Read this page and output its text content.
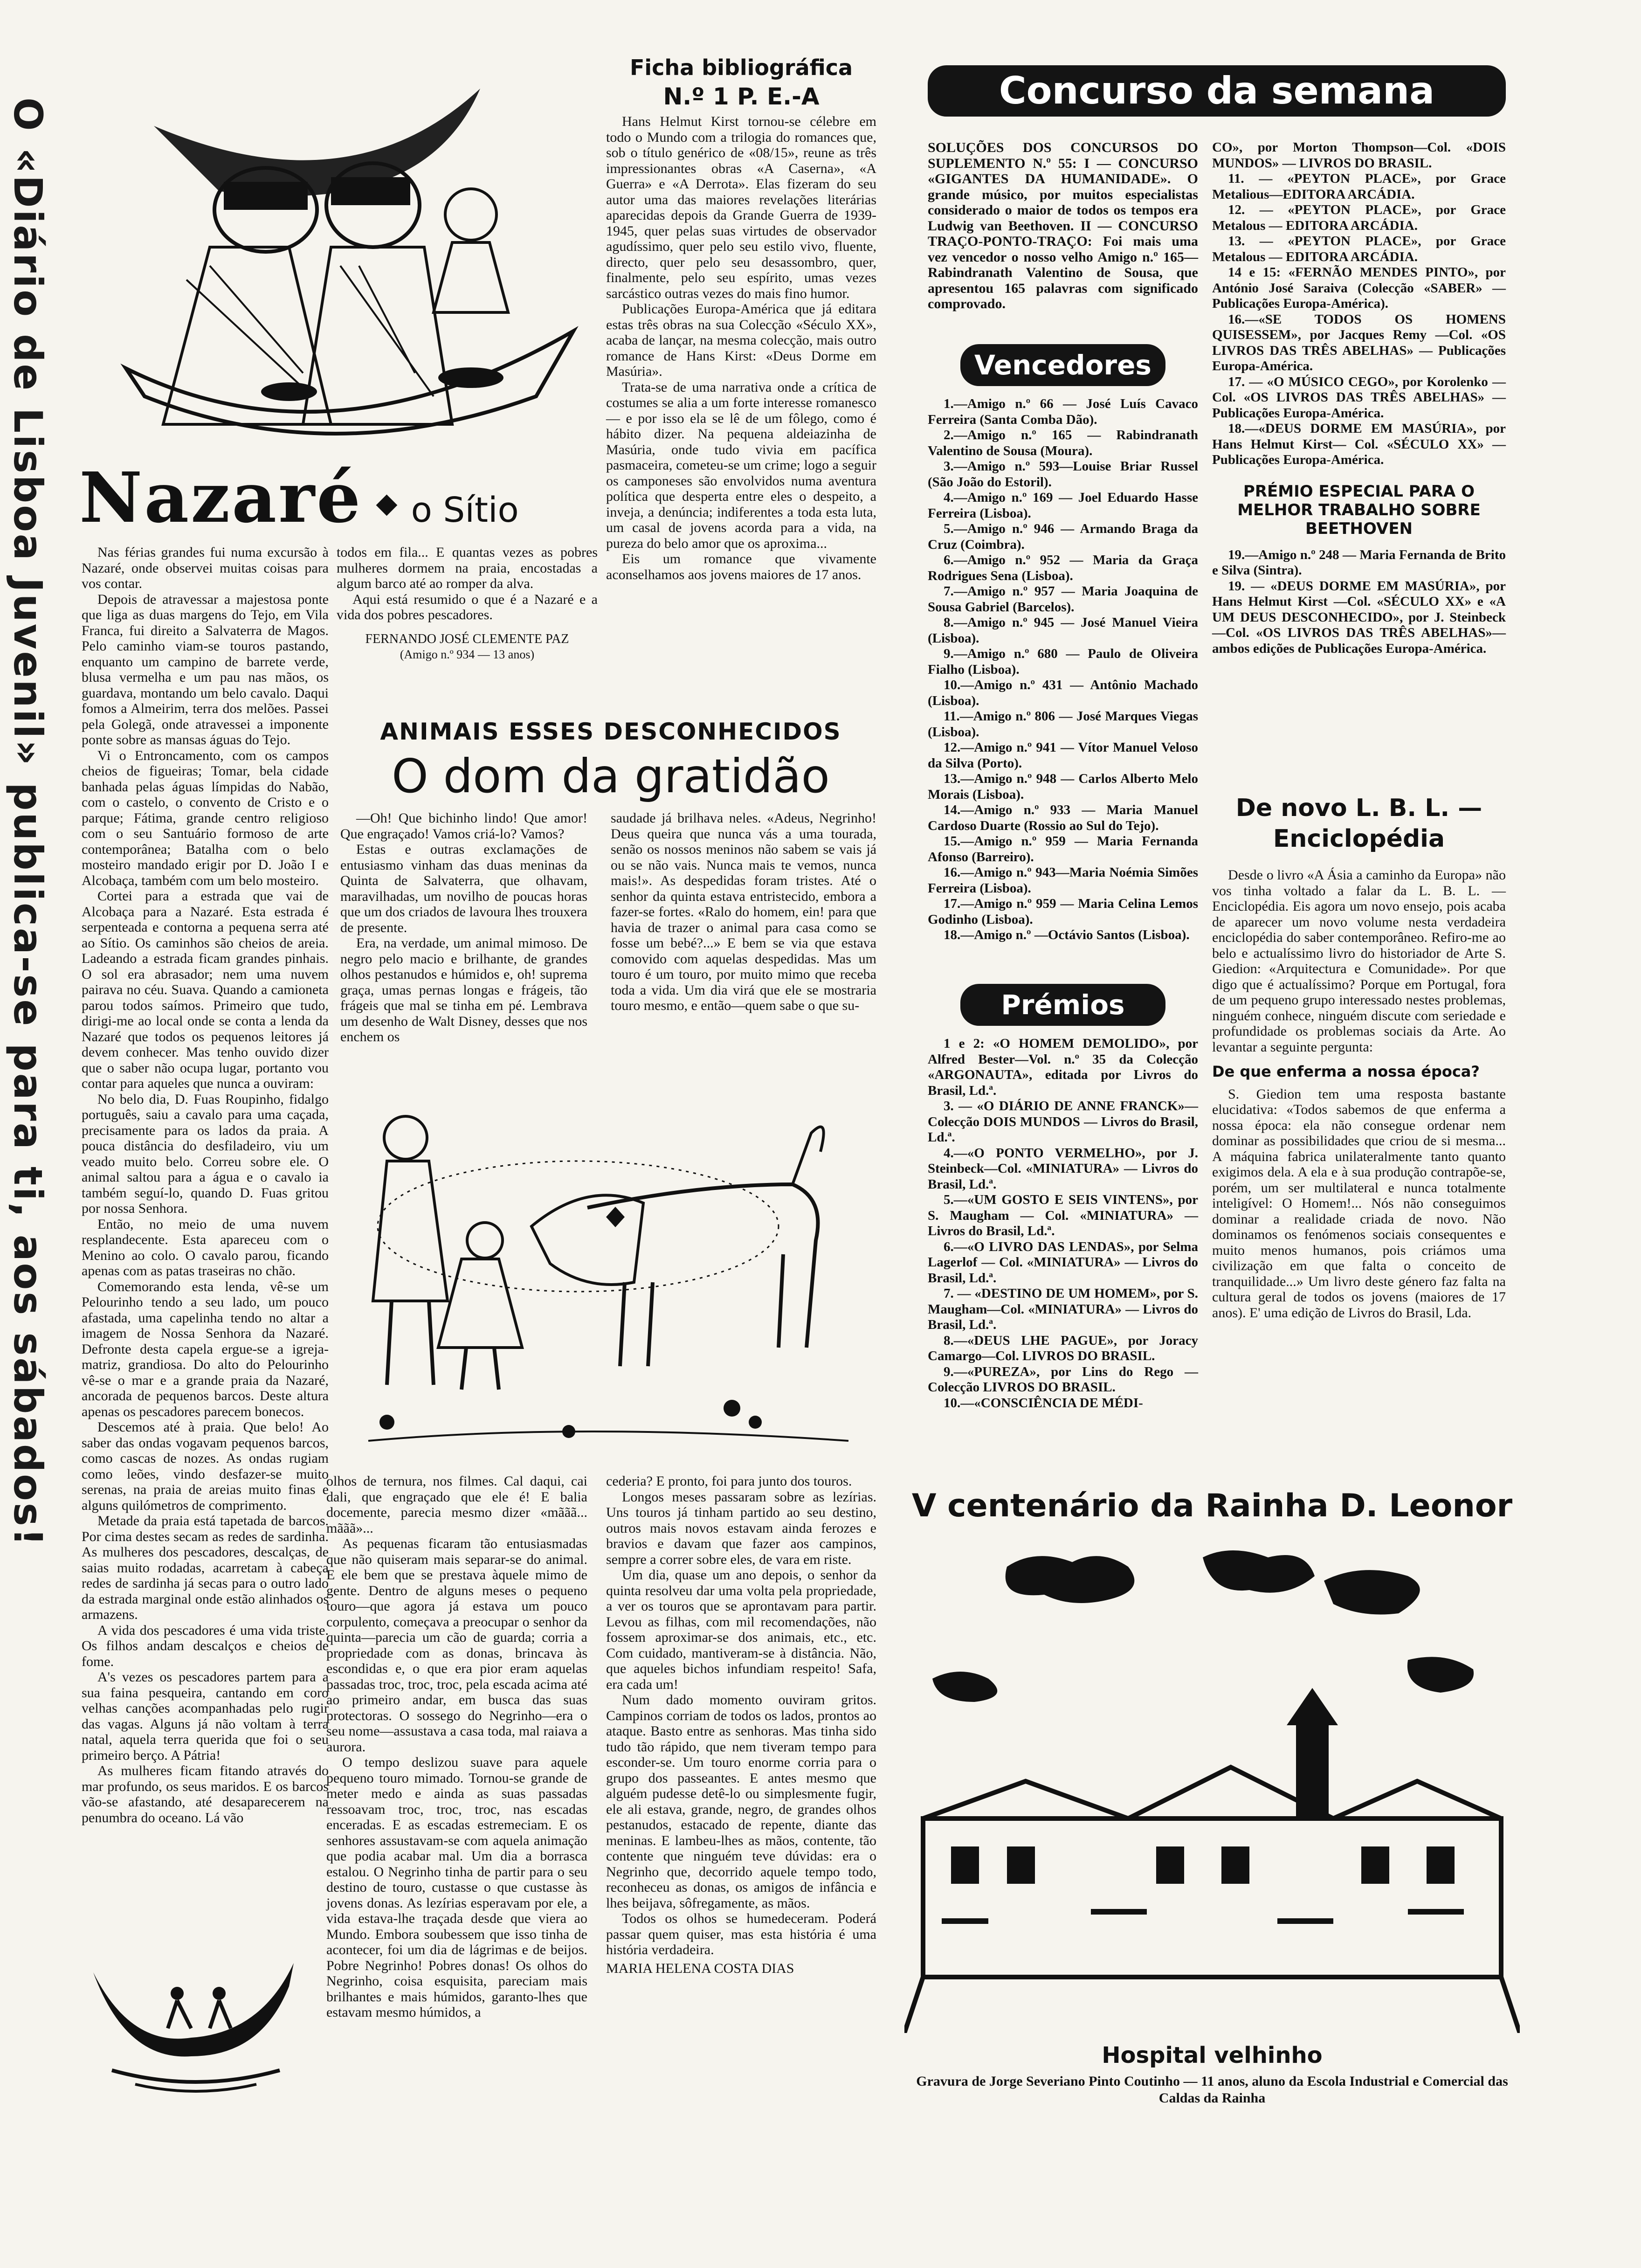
O «Diário de Lisboa Juvenil» publica-se para ti, aos sábados! Nazaré ◆ o Sítio

Nas férias grandes fui numa excursão à Nazaré, onde observei muitas coisas para vos contar.

Depois de atravessar a majestosa ponte que liga as duas margens do Tejo, em Vila Franca, fui direito a Salvaterra de Magos. Pelo caminho viam-se touros pastando, enquanto um campino de barrete verde, blusa vermelha e um pau nas mãos, os guardava, montando um belo cavalo. Daqui fomos a Almeirim, terra dos melões. Passei pela Golegã, onde atravessei a imponente ponte sobre as mansas águas do Tejo.

Vi o Entroncamento, com os campos cheios de figueiras; Tomar, bela cidade banhada pelas águas límpidas do Nabão, com o castelo, o convento de Cristo e o parque; Fátima, grande centro religioso com o seu Santuário formoso de arte contemporânea; Batalha com o belo mosteiro mandado erigir por D. João I e Alcobaça, também com um belo mosteiro.

Cortei para a estrada que vai de Alcobaça para a Nazaré. Esta estrada é serpenteada e contorna a pequena serra até ao Sítio. Os caminhos são cheios de areia. Ladeando a estrada ficam grandes pinhais. O sol era abrasador; nem uma nuvem pairava no céu. Suava. Quando a camioneta parou todos saímos. Primeiro que tudo, dirigi-me ao local onde se conta a lenda da Nazaré que todos os pequenos leitores já devem conhecer. Mas tenho ouvido dizer que o saber não ocupa lugar, portanto vou contar para aqueles que nunca a ouviram:

No belo dia, D. Fuas Roupinho, fidalgo português, saiu a cavalo para uma caçada, precisamente para os lados da praia. A pouca distância do desfiladeiro, viu um veado muito belo. Correu sobre ele. O animal saltou para a água e o cavalo ia também seguí-lo, quando D. Fuas gritou por nossa Senhora.

Então, no meio de uma nuvem resplandecente. Esta apareceu com o Menino ao colo. O cavalo parou, ficando apenas com as patas traseiras no chão.

Comemorando esta lenda, vê-se um Pelourinho tendo a seu lado, um pouco afastada, uma capelinha tendo no altar a imagem de Nossa Senhora da Nazaré. Defronte desta capela ergue-se a igreja-matriz, grandiosa. Do alto do Pelourinho vê-se o mar e a grande praia da Nazaré, ancorada de pequenos barcos. Deste altura apenas os pescadores parecem bonecos.

Descemos até à praia. Que belo! Ao saber das ondas vogavam pequenos barcos, como cascas de nozes. As ondas rugiam como leões, vindo desfazer-se muito serenas, na praia de areias muito finas e alguns quilómetros de comprimento.

Metade da praia está tapetada de barcos. Por cima destes secam as redes de sardinha. As mulheres dos pescadores, descalças, de saias muito rodadas, acarretam à cabeça redes de sardinha já secas para o outro lado da estrada marginal onde estão alinhados os armazens.

A vida dos pescadores é uma vida triste. Os filhos andam descalços e cheios de fome.

A's vezes os pescadores partem para a sua faina pesqueira, cantando em coro velhas canções acompanhadas pelo rugir das vagas. Alguns já não voltam à terra natal, aquela terra querida que foi o seu primeiro berço. A Pátria!

As mulheres ficam fitando através do mar profundo, os seus maridos. E os barcos vão-se afastando, até desaparecerem na penumbra do oceano. Lá vão

todos em fila... E quantas vezes as pobres mulheres dormem na praia, encostadas a algum barco até ao romper da alva.

Aqui está resumido o que é a Nazaré e a vida dos pobres pescadores.

FERNANDO JOSÉ CLEMENTE PAZ

(Amigo n.º 934 — 13 anos)

Ficha bibliográfica
N.º 1 P. E.-A

Hans Helmut Kirst tornou-se célebre em todo o Mundo com a trilogia do romances que, sob o título genérico de «08/15», reune as três impressionantes obras «A Caserna», «A Guerra» e «A Derrota». Elas fizeram do seu autor uma das maiores revelações literárias aparecidas depois da Grande Guerra de 1939-1945, quer pelas suas virtudes de observador agudíssimo, quer pelo seu estilo vivo, fluente, directo, quer pelo seu desassombro, quer, finalmente, pelo seu espírito, umas vezes sarcástico outras vezes do mais fino humor.

Publicações Europa-América que já editara estas três obras na sua Colecção «Século XX», acaba de lançar, na mesma colecção, mais outro romance de Hans Kirst: «Deus Dorme em Masúria».

Trata-se de uma narrativa onde a crítica de costumes se alia a um forte interesse romanesco — e por isso ela se lê de um fôlego, como é hábito dizer. Na pequena aldeiazinha de Masúria, onde tudo vivia em pacífica pasmaceira, cometeu-se um crime; logo a seguir os camponeses são envolvidos numa aventura política que desperta entre eles o despeito, a inveja, a denúncia; indiferentes a toda esta luta, um casal de jovens acorda para a vida, na pureza do belo amor que os aproxima...

Eis um romance que vivamente aconselhamos aos jovens maiores de 17 anos.

ANIMAIS ESSES DESCONHECIDOS
O dom da gratidão

—Oh! Que bichinho lindo! Que amor! Que engraçado! Vamos criá-lo? Vamos?

Estas e outras exclamações de entusiasmo vinham das duas meninas da Quinta de Salvaterra, que olhavam, maravilhadas, um novilho de poucas horas que um dos criados de lavoura lhes trouxera de presente.

Era, na verdade, um animal mimoso. De negro pelo macio e brilhante, de grandes olhos pestanudos e húmidos e, oh! suprema graça, umas pernas longas e frágeis, tão frágeis que mal se tinha em pé. Lembrava um desenho de Walt Disney, desses que nos enchem os

saudade já brilhava neles. «Adeus, Negrinho! Deus queira que nunca vás a uma tourada, senão os nossos meninos não sabem se vais já ou se não vais. Nunca mais te vemos, nunca mais!». As despedidas foram tristes. Até o senhor da quinta estava entristecido, embora a fazer-se fortes. «Ralo do homem, ein! para que havia de trazer o animal para casa como se fosse um bebé?...» E bem se via que estava comovido com aquelas despedidas. Mas um touro é um touro, por muito mimo que receba toda a vida. Um dia virá que ele se mostraria touro mesmo, e então—quem sabe o que su-

olhos de ternura, nos filmes. Cal daqui, cai dali, que engraçado que ele é! E balia docemente, parecia mesmo dizer «mããã... mããã»...

As pequenas ficaram tão entusiasmadas que não quiseram mais separar-se do animal. E ele bem que se prestava àquele mimo de gente. Dentro de alguns meses o pequeno touro—que agora já estava um pouco corpulento, começava a preocupar o senhor da quinta—parecia um cão de guarda; corria a propriedade com as donas, brincava às escondidas e, o que era pior eram aquelas passadas troc, troc, troc, pela escada acima até ao primeiro andar, em busca das suas protectoras. O sossego do Negrinho—era o seu nome—assustava a casa toda, mal raiava a aurora.

O tempo deslizou suave para aquele pequeno touro mimado. Tornou-se grande de meter medo e ainda as suas passadas ressoavam troc, troc, troc, nas escadas enceradas. E as escadas estremeciam. E os senhores assustavam-se com aquela animação que podia acabar mal. Um dia a borrasca estalou. O Negrinho tinha de partir para o seu destino de touro, custasse o que custasse às jovens donas. As lezírias esperavam por ele, a vida estava-lhe traçada desde que viera ao Mundo. Embora soubessem que isso tinha de acontecer, foi um dia de lágrimas e de beijos. Pobre Negrinho! Pobres donas! Os olhos do Negrinho, coisa esquisita, pareciam mais brilhantes e mais húmidos, garanto-lhes que estavam mesmo húmidos, a

cederia? E pronto, foi para junto dos touros.

Longos meses passaram sobre as lezírias. Uns touros já tinham partido ao seu destino, outros mais novos estavam ainda ferozes e bravios e davam que fazer aos campinos, sempre a correr sobre eles, de vara em riste.

Um dia, quase um ano depois, o senhor da quinta resolveu dar uma volta pela propriedade, a ver os touros que se aprontavam para partir. Levou as filhas, com mil recomendações, não fossem aproximar-se dos animais, etc., etc. Com cuidado, mantiveram-se à distância. Não, que aqueles bichos infundiam respeito! Safa, era cada um!

Num dado momento ouviram gritos. Campinos corriam de todos os lados, prontos ao ataque. Basto entre as senhoras. Mas tinha sido tudo tão rápido, que nem tiveram tempo para esconder-se. Um touro enorme corria para o grupo dos passeantes. E antes mesmo que alguém pudesse detê-lo ou simplesmente fugir, ele ali estava, grande, negro, de grandes olhos pestanudos, estacado de repente, diante das meninas. E lambeu-lhes as mãos, contente, tão contente que ninguém teve dúvidas: era o Negrinho que, decorrido aquele tempo todo, reconheceu as donas, os amigos de infância e lhes beijava, sôfregamente, as mãos.

Todos os olhos se humedeceram. Poderá passar quem quiser, mas esta história é uma história verdadeira.

MARIA HELENA COSTA DIAS

Concurso da semana

SOLUÇÕES DOS CONCURSOS DO SUPLEMENTO N.º 55: I — CONCURSO «GIGANTES DA HUMANIDADE». O grande músico, por muitos especialistas considerado o maior de todos os tempos era Ludwig van Beethoven. II — CONCURSO TRAÇO-PONTO-TRAÇO: Foi mais uma vez vencedor o nosso velho Amigo n.º 165—Rabindranath Valentino de Sousa, que apresentou 165 palavras com significado comprovado.

Vencedores

1.—Amigo n.º 66 — José Luís Cavaco Ferreira (Santa Comba Dão).

2.—Amigo n.º 165 — Rabindranath Valentino de Sousa (Moura).

3.—Amigo n.º 593—Louise Briar Russel (São João do Estoril).

4.—Amigo n.º 169 — Joel Eduardo Hasse Ferreira (Lisboa).

5.—Amigo n.º 946 — Armando Braga da Cruz (Coimbra).

6.—Amigo n.º 952 — Maria da Graça Rodrigues Sena (Lisboa).

7.—Amigo n.º 957 — Maria Joaquina de Sousa Gabriel (Barcelos).

8.—Amigo n.º 945 — José Manuel Vieira (Lisboa).

9.—Amigo n.º 680 — Paulo de Oliveira Fialho (Lisboa).

10.—Amigo n.º 431 — Antônio Machado (Lisboa).

11.—Amigo n.º 806 — José Marques Viegas (Lisboa).

12.—Amigo n.º 941 — Vítor Manuel Veloso da Silva (Porto).

13.—Amigo n.º 948 — Carlos Alberto Melo Morais (Lisboa).

14.—Amigo n.º 933 — Maria Manuel Cardoso Duarte (Rossio ao Sul do Tejo).

15.—Amigo n.º 959 — Maria Fernanda Afonso (Barreiro).

16.—Amigo n.º 943—Maria Noémia Simões Ferreira (Lisboa).

17.—Amigo n.º 959 — Maria Celina Lemos Godinho (Lisboa).

18.—Amigo n.º —Octávio Santos (Lisboa).

Prémios

1 e 2: «O HOMEM DEMOLIDO», por Alfred Bester—Vol. n.º 35 da Colecção «ARGONAUTA», editada por Livros do Brasil, Ld.ª.

3. — «O DIÁRIO DE ANNE FRANCK»—Colecção DOIS MUNDOS — Livros do Brasil, Ld.ª.

4.—«O PONTO VERMELHO», por J. Steinbeck—Col. «MINIATURA» — Livros do Brasil, Ld.ª.

5.—«UM GOSTO E SEIS VINTENS», por S. Maugham — Col. «MINIATURA» — Livros do Brasil, Ld.ª.

6.—«O LIVRO DAS LENDAS», por Selma Lagerlof — Col. «MINIATURA» — Livros do Brasil, Ld.ª.

7. — «DESTINO DE UM HOMEM», por S. Maugham—Col. «MINIATURA» — Livros do Brasil, Ld.ª.

8.—«DEUS LHE PAGUE», por Joracy Camargo—Col. LIVROS DO BRASIL.

9.—«PUREZA», por Lins do Rego — Colecção LIVROS DO BRASIL.

10.—«CONSCIÊNCIA DE MÉDI-

CO», por Morton Thompson—Col. «DOIS MUNDOS» — LIVROS DO BRASIL.

11. — «PEYTON PLACE», por Grace Metalious—EDITORA ARCÁDIA.

12. — «PEYTON PLACE», por Grace Metalous — EDITORA ARCÁDIA.

13. — «PEYTON PLACE», por Grace Metalous — EDITORA ARCÁDIA.

14 e 15: «FERNÃO MENDES PINTO», por António José Saraiva (Colecção «SABER» — Publicações Europa-América).

16.—«SE TODOS OS HOMENS QUISESSEM», por Jacques Remy —Col. «OS LIVROS DAS TRÊS ABELHAS» — Publicações Europa-América.

17. — «O MÚSICO CEGO», por Korolenko — Col. «OS LIVROS DAS TRÊS ABELHAS» — Publicações Europa-América.

18.—«DEUS DORME EM MASÚRIA», por Hans Helmut Kirst— Col. «SÉCULO XX» — Publicações Europa-América.

PRÉMIO ESPECIAL PARA O MELHOR TRABALHO SOBRE BEETHOVEN

19.—Amigo n.º 248 — Maria Fernanda de Brito e Silva (Sintra).

19. — «DEUS DORME EM MASÚRIA», por Hans Helmut Kirst —Col. «SÉCULO XX» e «A UM DEUS DESCONHECIDO», por J. Steinbeck—Col. «OS LIVROS DAS TRÊS ABELHAS»—ambos edições de Publicações Europa-América.

De novo L. B. L. — Enciclopédia

Desde o livro «A Ásia a caminho da Europa» não vos tinha voltado a falar da L. B. L. — Enciclopédia. Eis agora um novo ensejo, pois acaba de aparecer um novo volume nesta verdadeira enciclopédia do saber contemporâneo. Refiro-me ao belo e actualíssimo livro do historiador de Arte S. Giedion: «Arquitectura e Comunidade». Por que digo que é actualíssimo? Porque em Portugal, fora de um pequeno grupo interessado nestes problemas, ninguém conhece, ninguém discute com seriedade e profundidade os problemas sociais da Arte. Ao levantar a seguinte pergunta:

De que enferma a nossa época?

S. Giedion tem uma resposta bastante elucidativa: «Todos sabemos de que enferma a nossa época: ela não consegue ordenar nem dominar as possibilidades que criou de si mesma... A máquina fabrica unilateralmente tanto quanto exigimos dela. A ela e à sua produção contrapõe-se, porém, um ser multilateral e nunca totalmente inteligível: O Homem!... Nós não conseguimos dominar a realidade criada de novo. Não dominamos os fenómenos sociais consequentes e muito menos humanos, pois criámos uma civilização em que falta o conceito de tranquilidade...» Um livro deste género faz falta na cultura geral de todos os jovens (maiores de 17 anos). E' uma edição de Livros do Brasil, Lda.

V centenário da Rainha D. Leonor
Hospital velhinho
Gravura de Jorge Severiano Pinto Coutinho — 11 anos, aluno da Escola Industrial e Comercial das Caldas da Rainha
